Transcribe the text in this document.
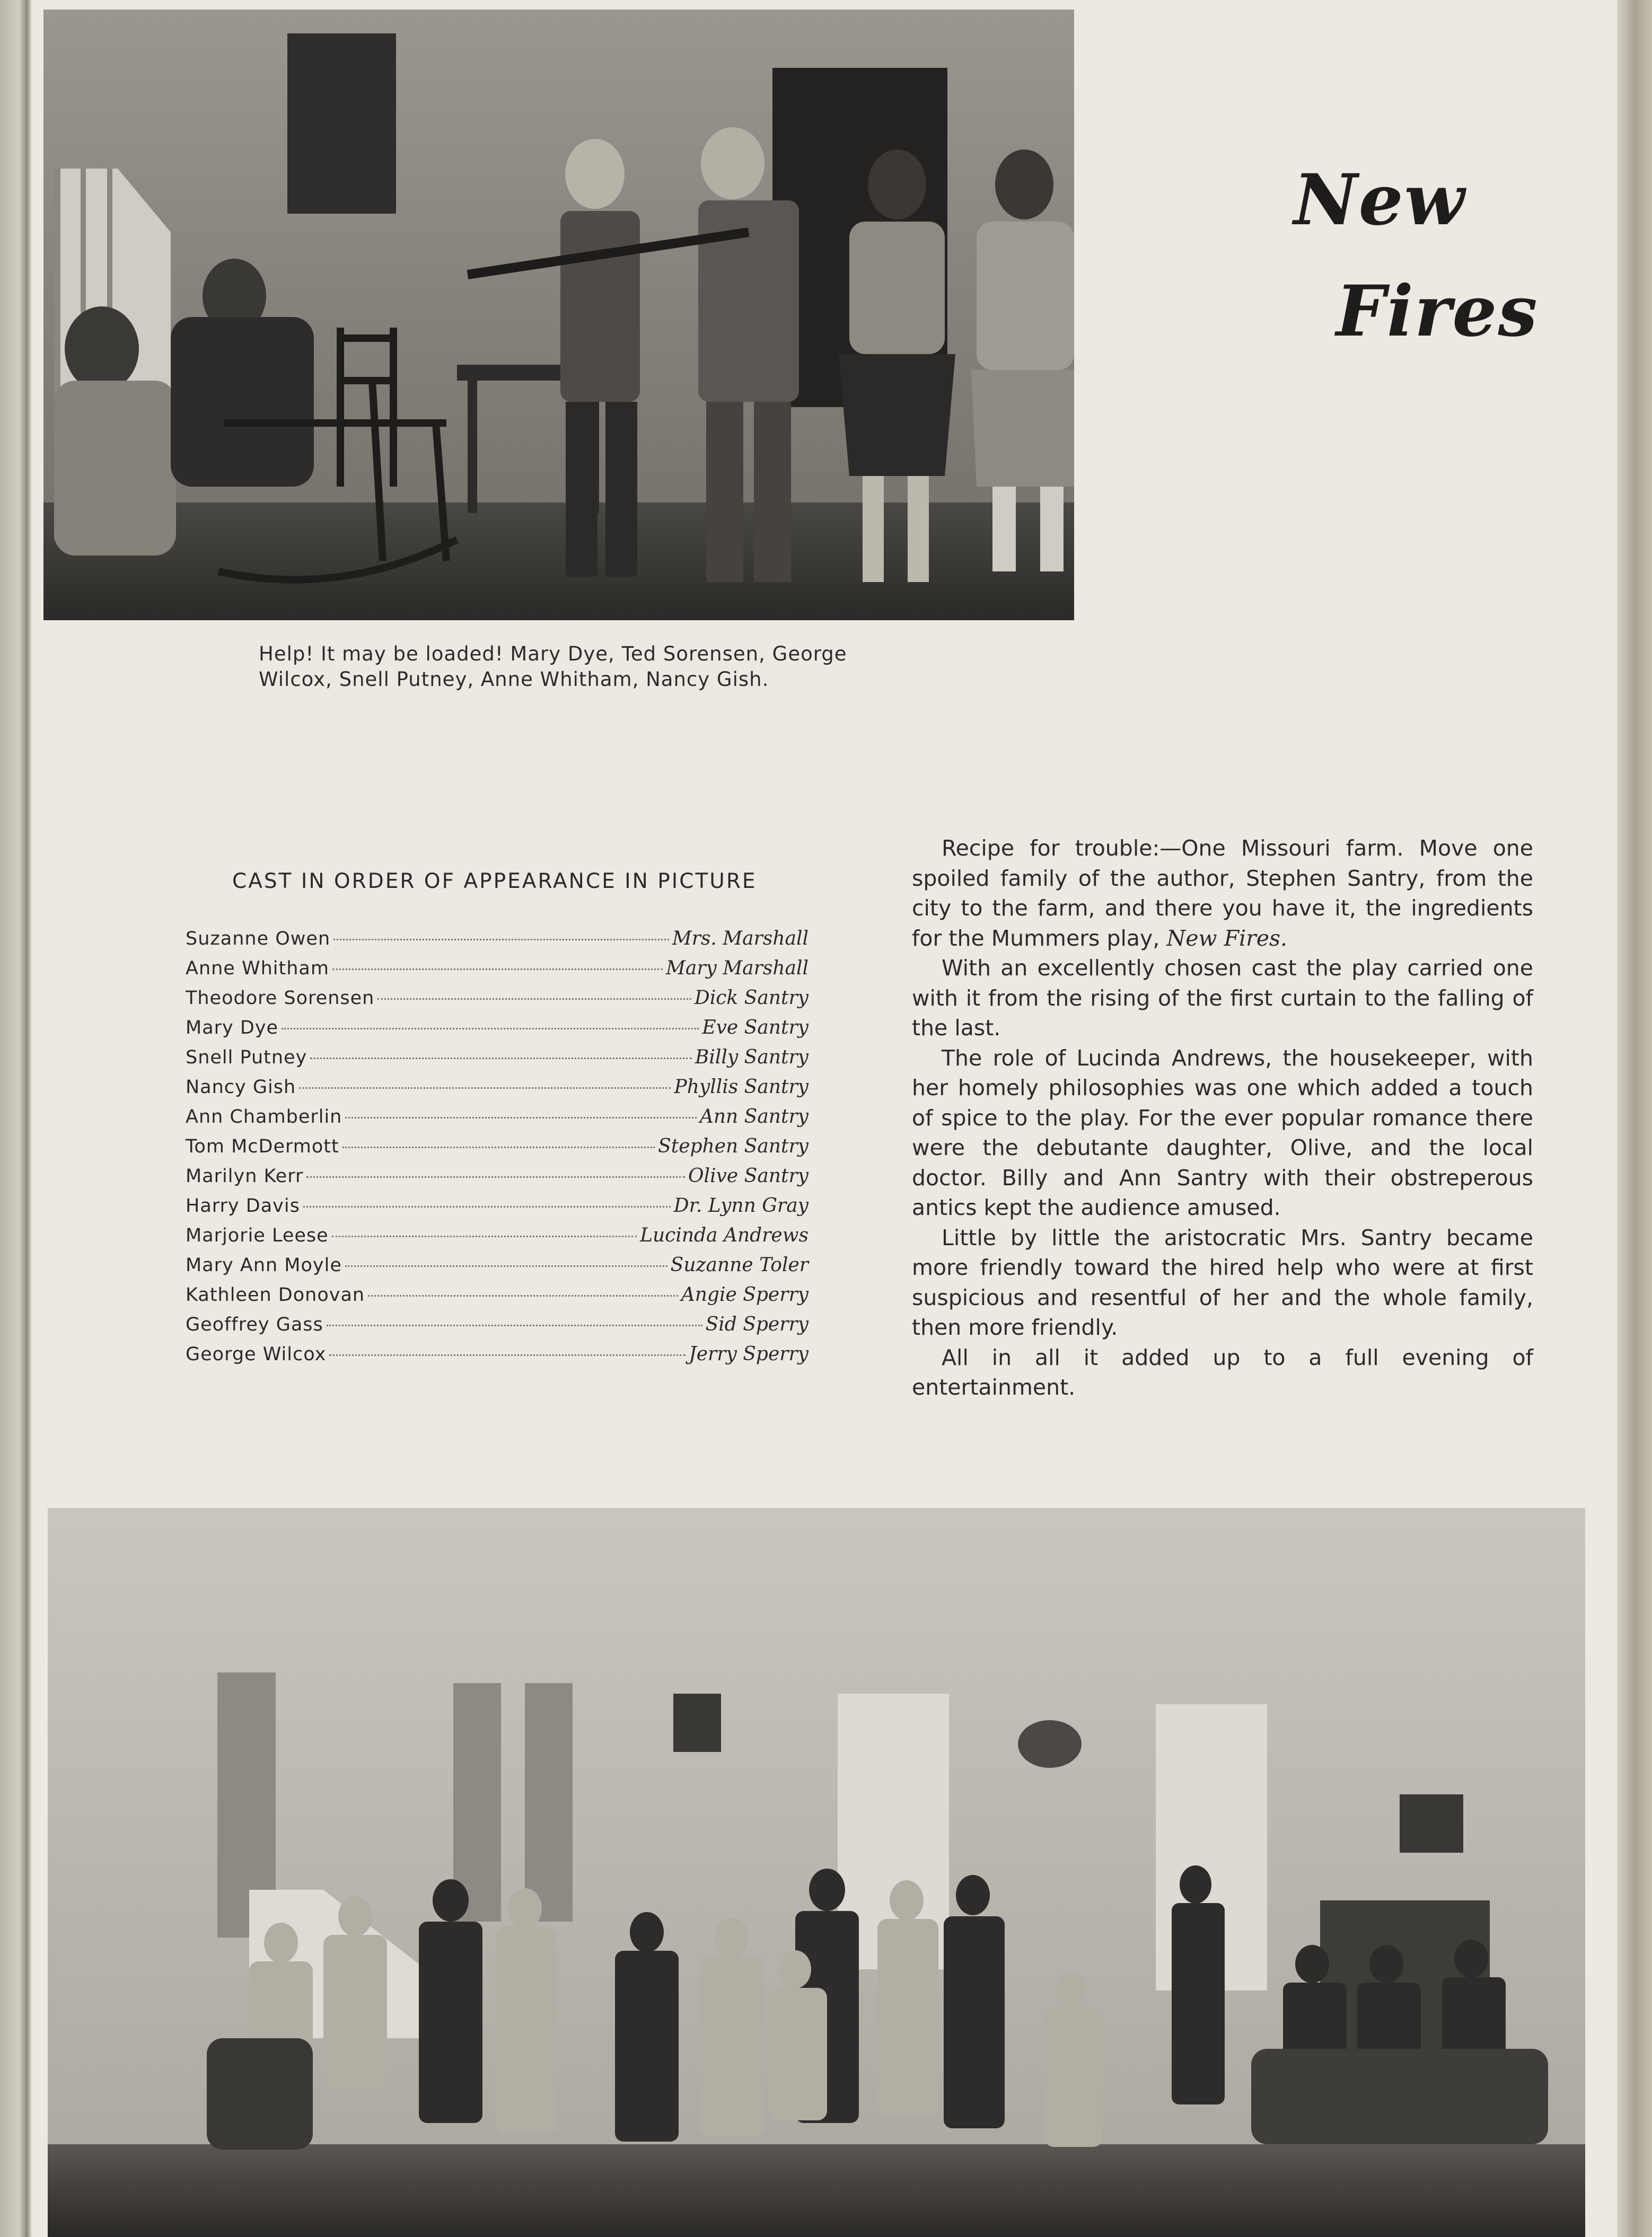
New
Fires
Help! It may be loaded! Mary Dye, Ted Sorensen, George
Wilcox, Snell Putney, Anne Whitham, Nancy Gish.
CAST IN ORDER OF APPEARANCE IN PICTURE
Suzanne Owen	Mrs. Marshall
Anne Whitham	Mary Marshall
Theodore Sorensen	Dick Santry
Mary Dye	Eve Santry
Snell Putney	Billy Santry
Nancy Gish	Phyllis Santry
Ann Chamberlin	Ann Santry
Tom McDermott	Stephen Santry
Marilyn Kerr	Olive Santry
Harry Davis	Dr. Lynn Gray
Marjorie Leese	Lucinda Andrews
Mary Ann Moyle	Suzanne Toler
Kathleen Donovan	Angie Sperry
Geoffrey Gass	Sid Sperry
George Wilcox	Jerry Sperry

Recipe for trouble:—One Missouri farm. Move one spoiled family of the author, Stephen Santry, from the city to the farm, and there you have it, the ingredients for the Mummers play, New Fires.

With an excellently chosen cast the play carried one with it from the rising of the first curtain to the falling of the last.

The role of Lucinda Andrews, the housekeeper, with her homely philosophies was one which added a touch of spice to the play. For the ever popular romance there were the debutante daughter, Olive, and the local doctor. Billy and Ann Santry with their obstreperous antics kept the audience amused.

Little by little the aristocratic Mrs. Santry became more friendly toward the hired help who were at first suspicious and resentful of her and the whole family, then more friendly.

All in all it added up to a full evening of entertainment.
